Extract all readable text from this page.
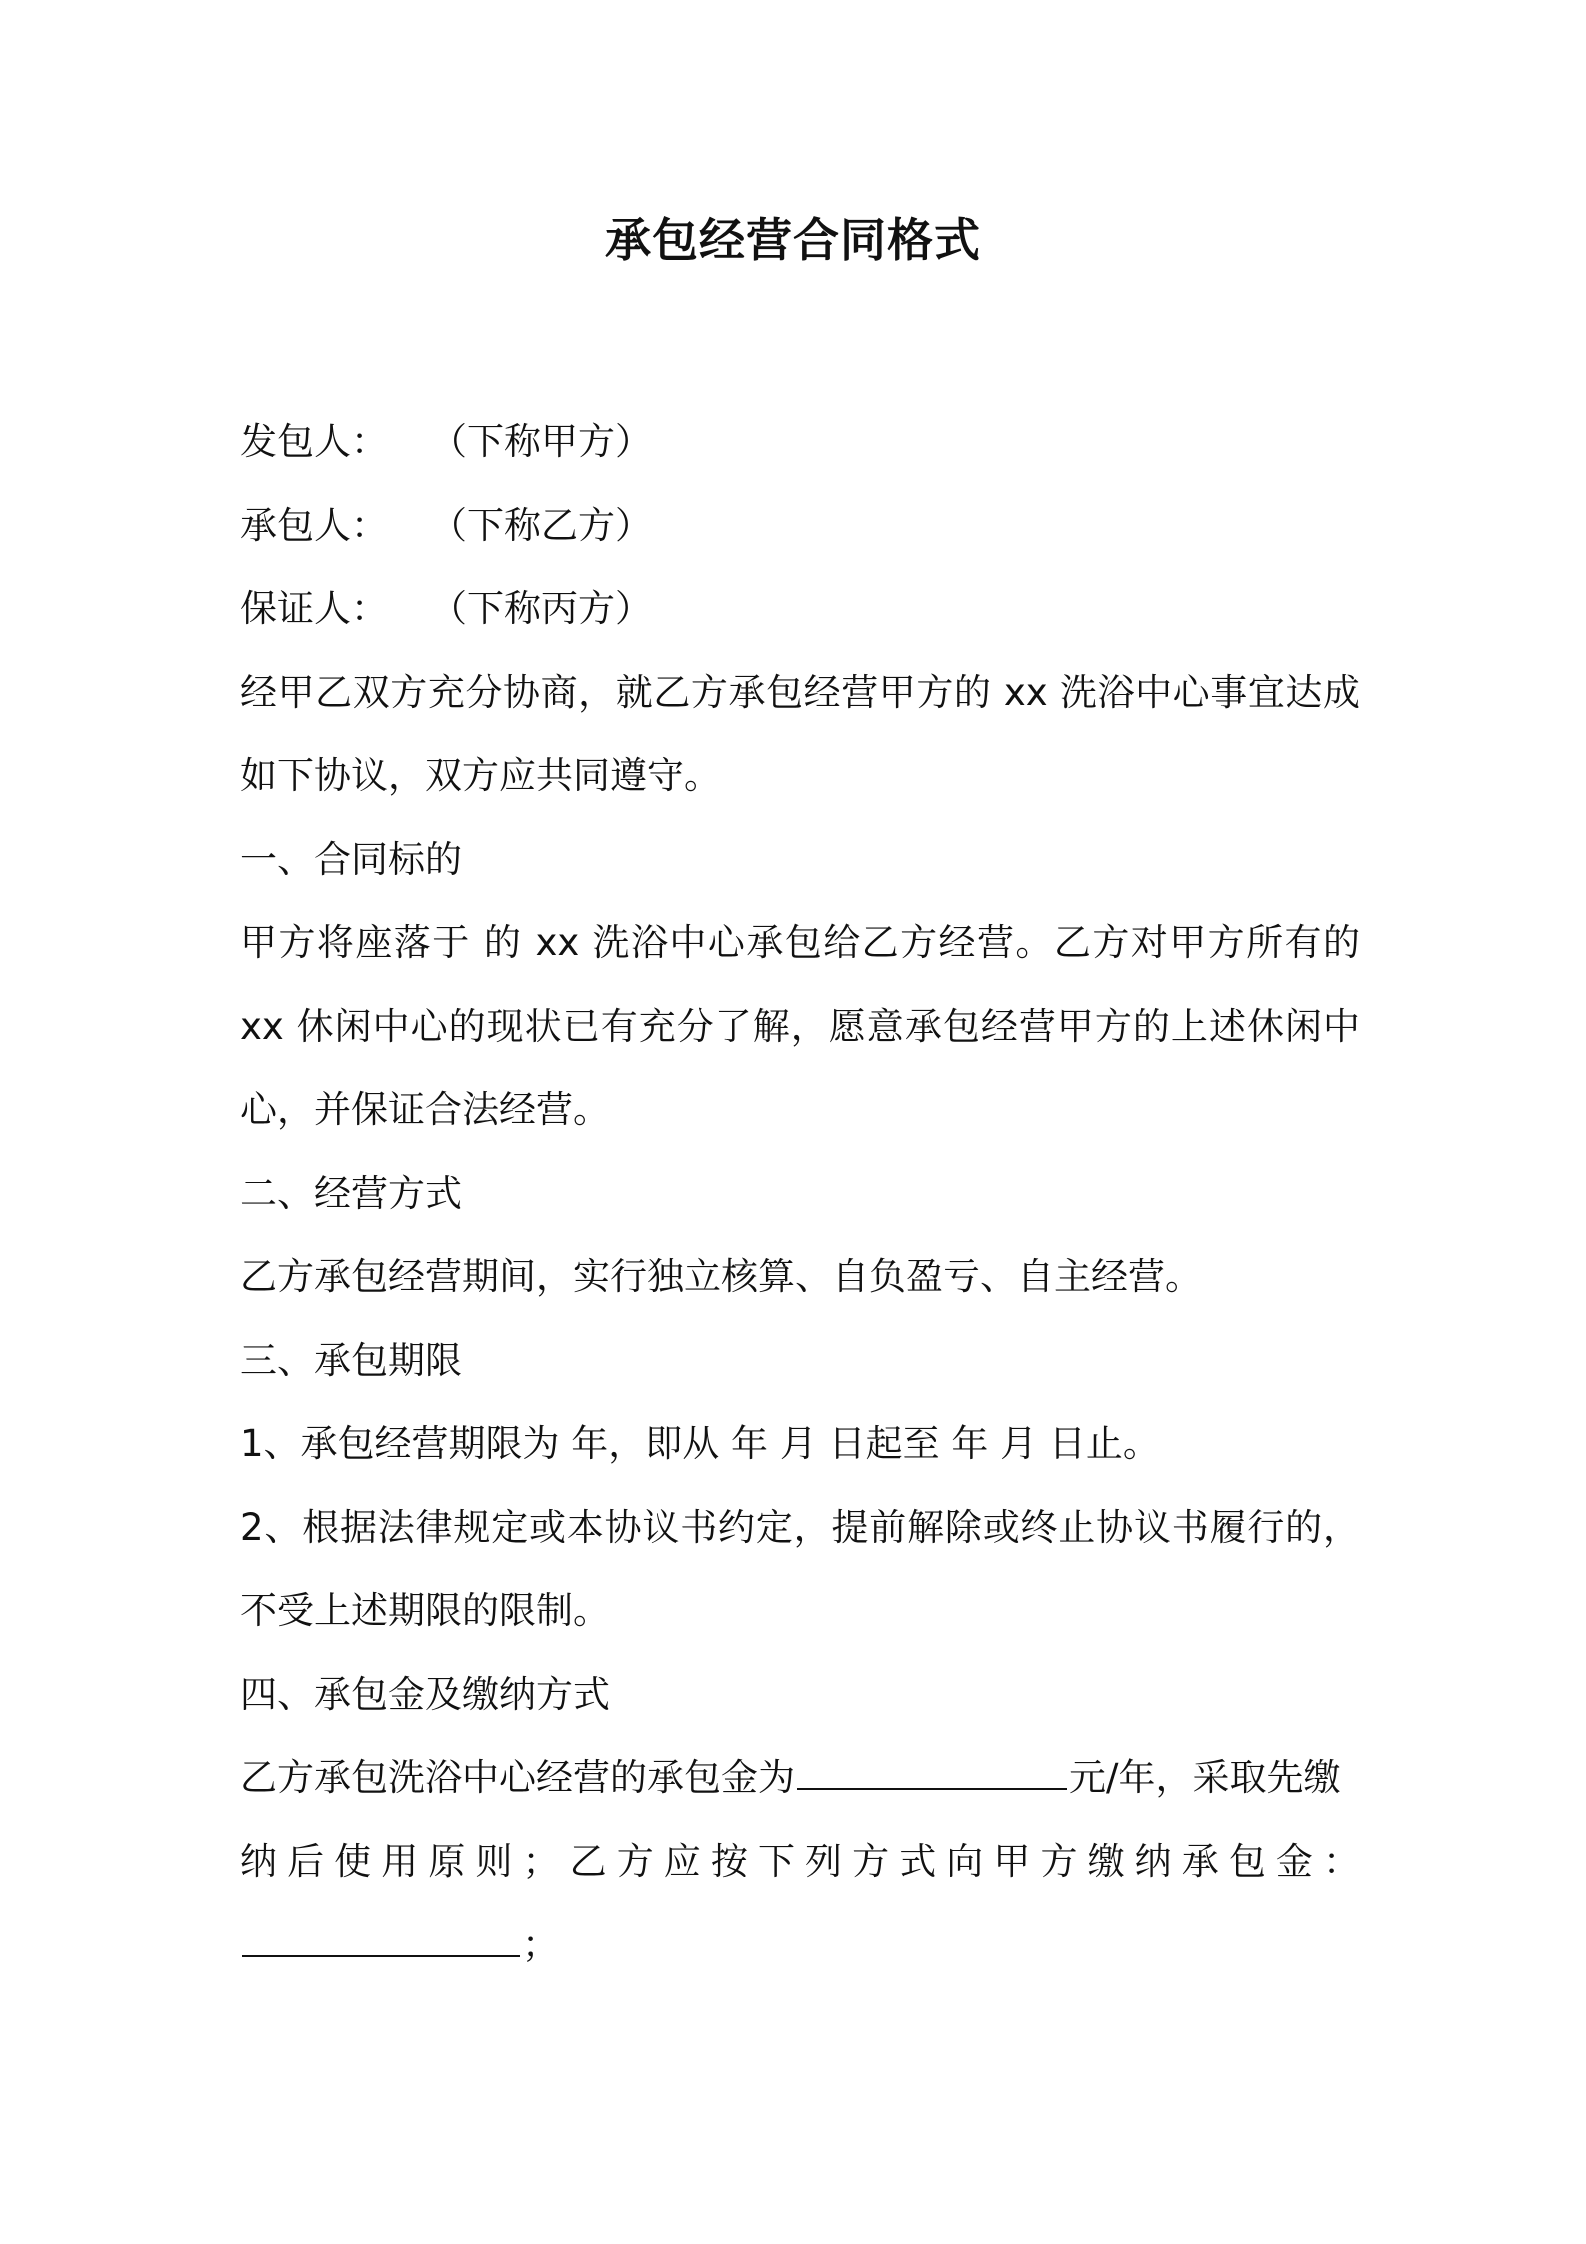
承包经营合同格式
发包人： （下称甲方）
承包人： （下称乙方）
保证人： （下称丙方）
经甲乙双方充分协商，就乙方承包经营甲方的 xx 洗浴中心事宜达成
如下协议，双方应共同遵守。
一、合同标的
甲方将座落于 的 xx 洗浴中心承包给乙方经营。乙方对甲方所有的
xx 休闲中心的现状已有充分了解，愿意承包经营甲方的上述休闲中
心，并保证合法经营。
二、经营方式
乙方承包经营期间，实行独立核算、自负盈亏、自主经营。
三、承包期限
1、承包经营期限为 年，即从 年 月 日起至 年 月 日止。
2、根据法律规定或本协议书约定，提前解除或终止协议书履行的，
不受上述期限的限制。
四、承包金及缴纳方式
乙方承包洗浴中心经营的承包金为	元/年，采取先缴
纳后使用原则；乙方应按下列方式向甲方缴纳承包金：
；
